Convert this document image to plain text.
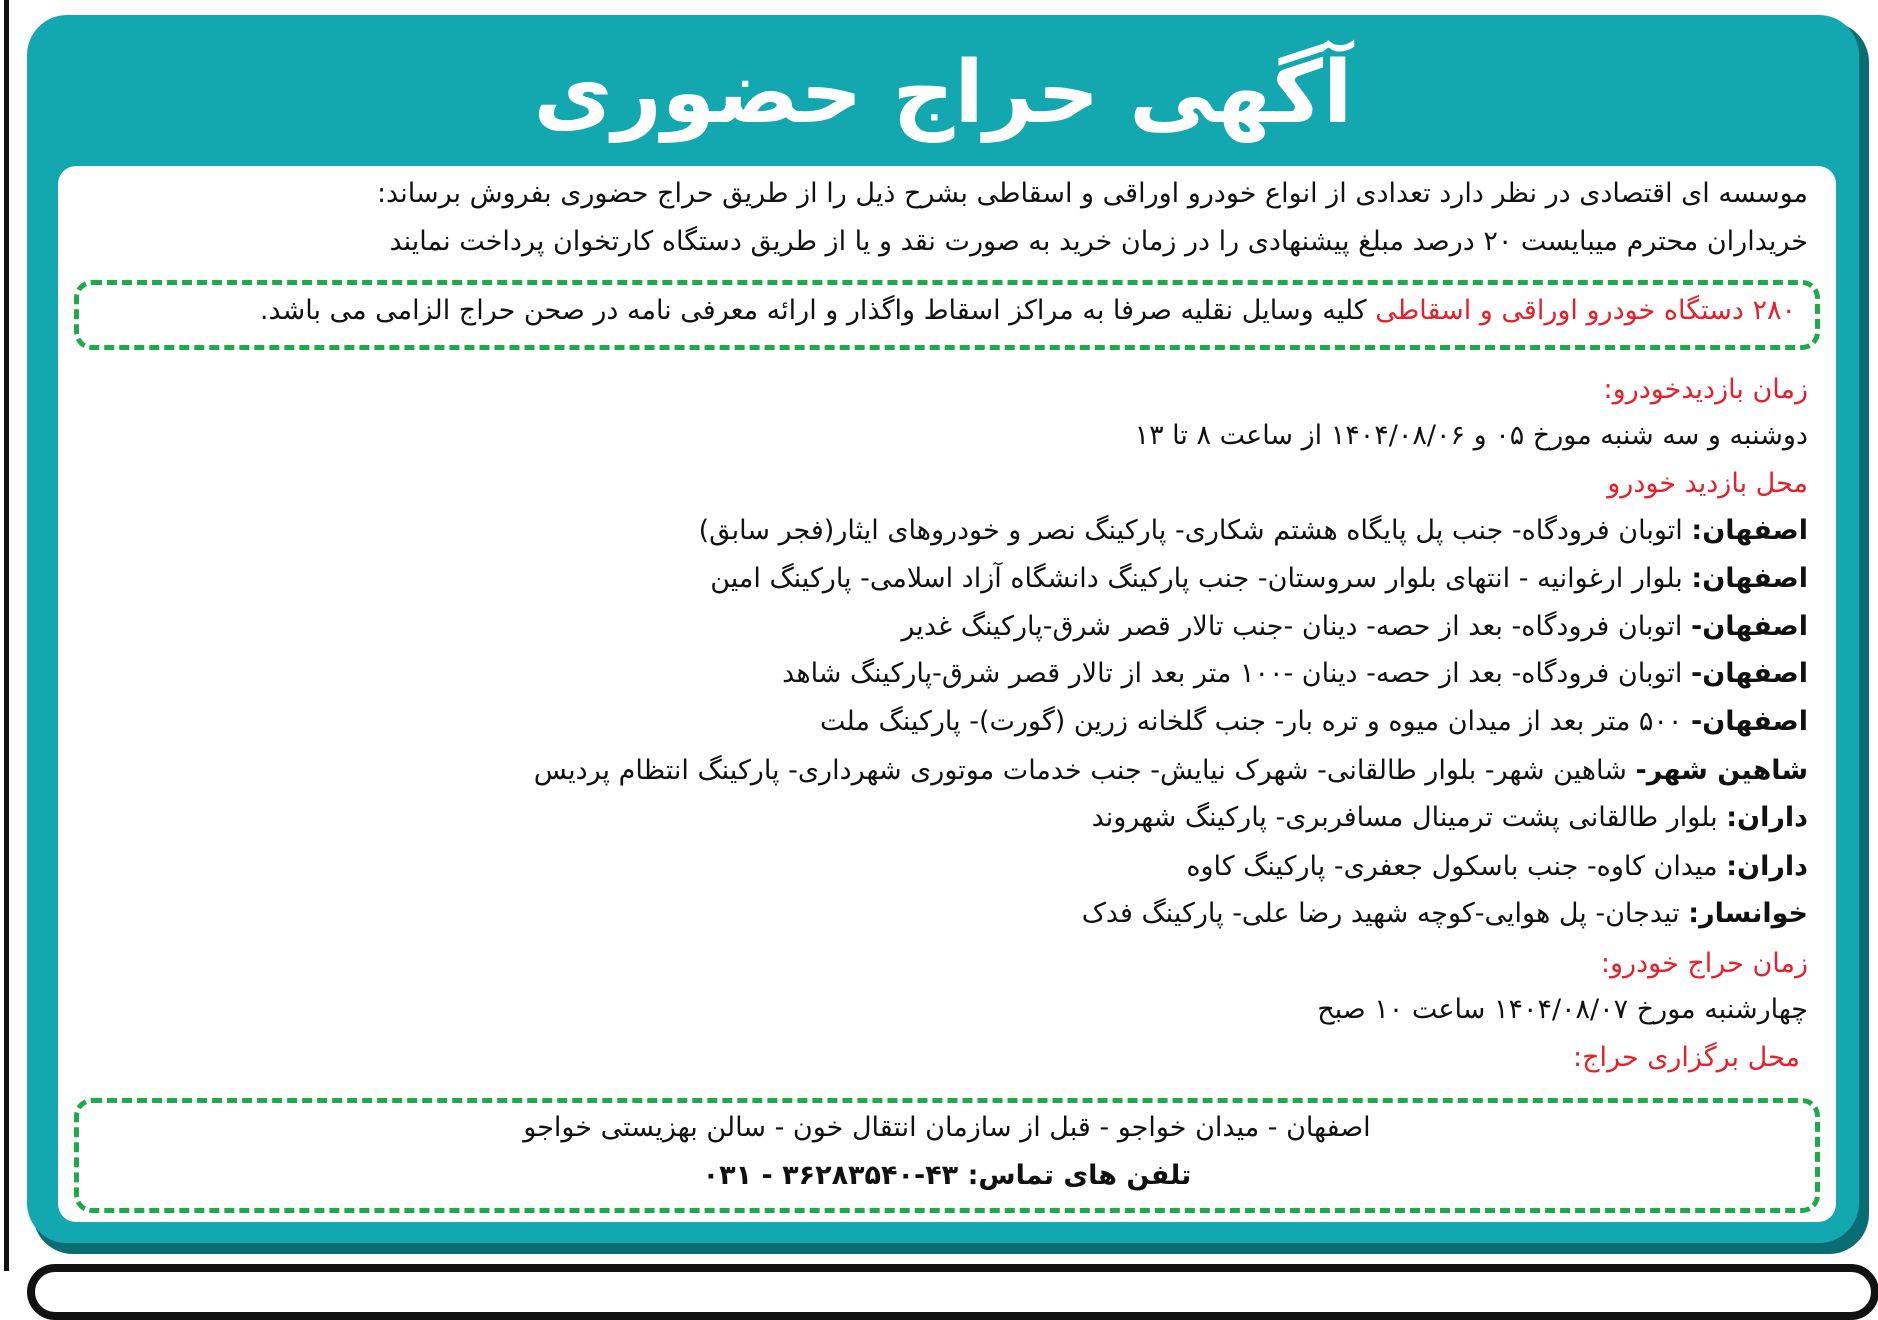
آگهی حراج حضوری
موسسه ای اقتصادی در نظر دارد تعدادی از انواع خودرو اوراقی و اسقاطی بشرح ذیل را از طریق حراج حضوری بفروش برساند:
خریداران محترم میبایست ۲۰ درصد مبلغ پیشنهادی را در زمان خرید به صورت نقد و یا از طریق دستگاه کارتخوان پرداخت نمایند
۲۸۰ دستگاه خودرو اوراقی و اسقاطی کلیه وسایل نقلیه صرفا به مراکز اسقاط واگذار و ارائه معرفی نامه در صحن حراج الزامی می باشد.
زمان بازدیدخودرو:
دوشنبه و سه شنبه مورخ ۰۵ و ۱۴۰۴/۰۸/۰۶ از ساعت ۸ تا ۱۳
محل بازدید خودرو
اصفهان: اتوبان فرودگاه- جنب پل پایگاه هشتم شکاری- پارکینگ نصر و خودروهای ایثار(فجر سابق)
اصفهان: بلوار ارغوانیه - انتهای بلوار سروستان- جنب پارکینگ دانشگاه آزاد اسلامی- پارکینگ امین
اصفهان- اتوبان فرودگاه- بعد از حصه- دینان -جنب تالار قصر شرق-پارکینگ غدیر
اصفهان- اتوبان فرودگاه- بعد از حصه- دینان -۱۰۰ متر بعد از تالار قصر شرق-پارکینگ شاهد
اصفهان- ۵۰۰ متر بعد از میدان میوه و تره بار- جنب گلخانه زرین (گورت)- پارکینگ ملت
شاهین شهر- شاهین شهر- بلوار طالقانی- شهرک نیایش- جنب خدمات موتوری شهرداری- پارکینگ انتظام پردیس
داران: بلوار طالقانی پشت ترمینال مسافربری- پارکینگ شهروند
داران: میدان کاوه- جنب باسکول جعفری- پارکینگ کاوه
خوانسار: تیدجان- پل هوایی-کوچه شهید رضا علی- پارکینگ فدک
زمان حراج خودرو:
چهارشنبه مورخ ۱۴۰۴/۰۸/۰۷ ساعت ۱۰ صبح
محل برگزاری حراج:
اصفهان - میدان خواجو - قبل از سازمان انتقال خون - سالن بهزیستی خواجو
تلفن های تماس: ۴۳-۳۶۲۸۳۵۴۰ - ۰۳۱
